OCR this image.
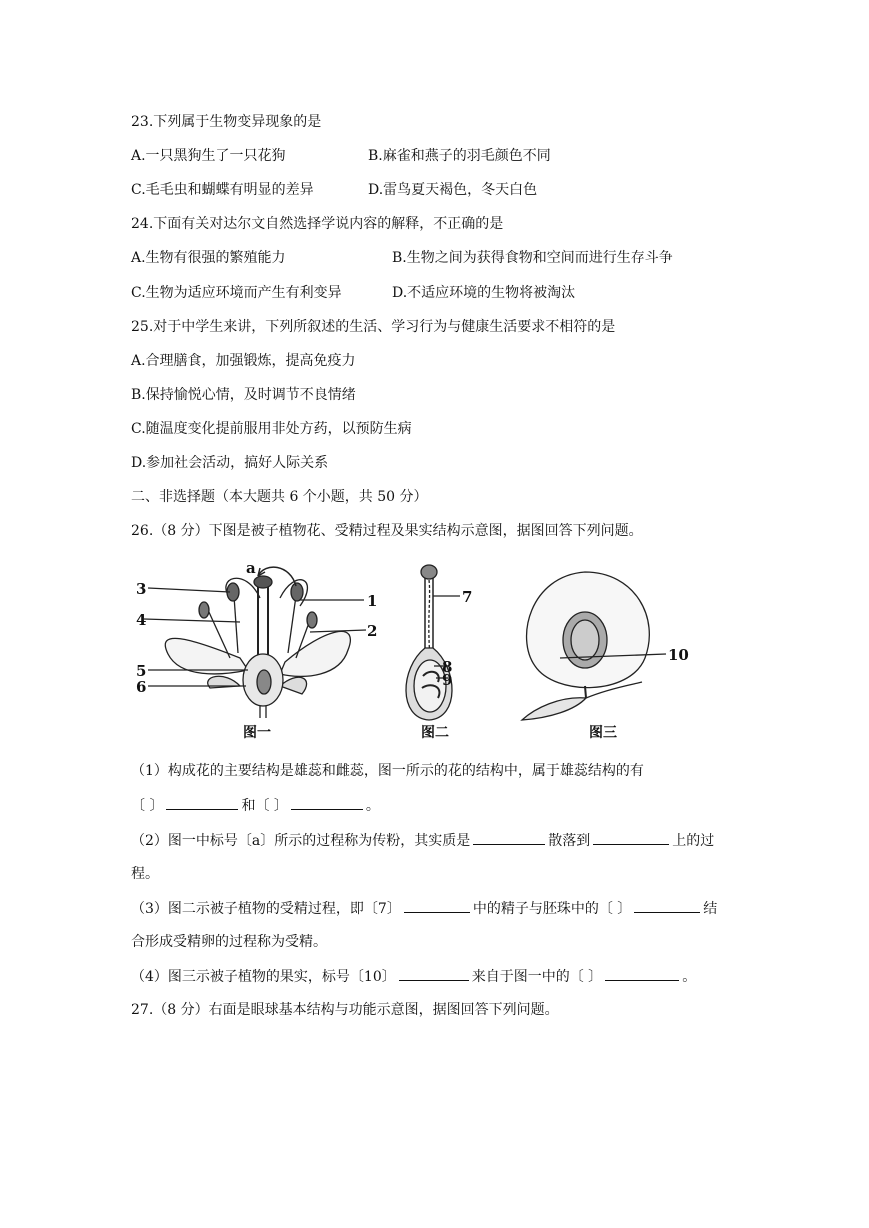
23.下列属于生物变异现象的是
A.一只黑狗生了一只花狗	B.麻雀和燕子的羽毛颜色不同
C.毛毛虫和蝴蝶有明显的差异	D.雷鸟夏天褐色，冬天白色
24.下面有关对达尔文自然选择学说内容的解释，不正确的是
A.生物有很强的繁殖能力	B.生物之间为获得食物和空间而进行生存斗争
C.生物为适应环境而产生有利变异	D.不适应环境的生物将被淘汰
25.对于中学生来讲，下列所叙述的生活、学习行为与健康生活要求不相符的是
A.合理膳食，加强锻炼，提高免疫力
B.保持愉悦心情，及时调节不良情绪
C.随温度变化提前服用非处方药，以预防生病
D.参加社会活动，搞好人际关系
二、非选择题（本大题共 6 个小题，共 50 分）
26.（8 分）下图是被子植物花、受精过程及果实结构示意图，据图回答下列问题。
a
1
2
3
4
5
6
7
8
9
10
图一	图二	图三
（1）构成花的主要结构是雄蕊和雌蕊，图一所示的花的结构中，属于雄蕊结构的有
〔 〕	和〔 〕	。
（2）图一中标号〔a〕所示的过程称为传粉，其实质是	散落到	上的过
程。
（3）图二示被子植物的受精过程，即〔7〕	中的精子与胚珠中的〔 〕	结
合形成受精卵的过程称为受精。
（4）图三示被子植物的果实，标号〔10〕	来自于图一中的〔 〕	。
27.（8 分）右面是眼球基本结构与功能示意图，据图回答下列问题。
